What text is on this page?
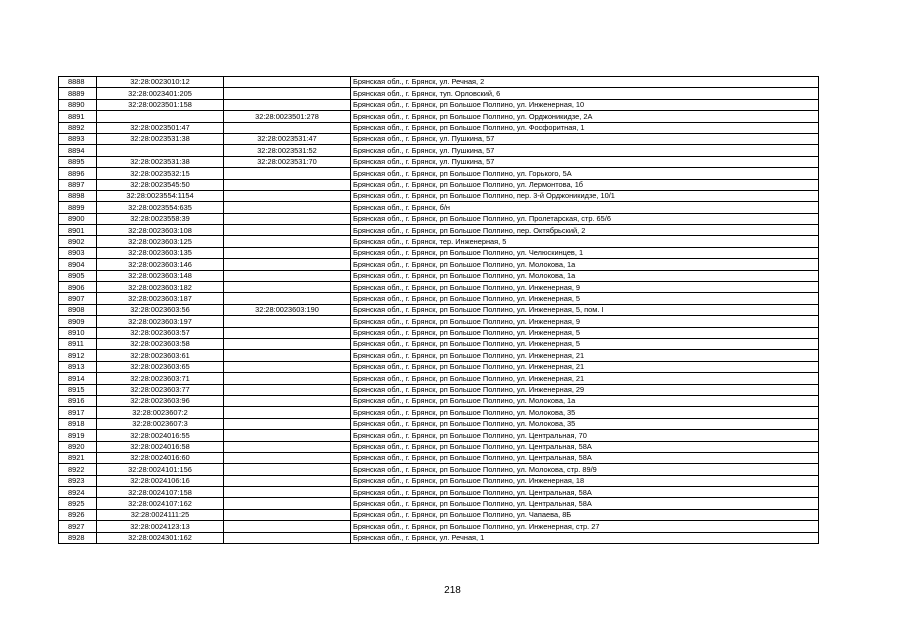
8888	32:28:0023010:12		Брянская обл., г. Брянск, ул. Речная, 2
8889	32:28:0023401:205		Брянская обл., г. Брянск, туп. Орловский, 6
8890	32:28:0023501:158		Брянская обл., г. Брянск, рп Большое Полпино, ул. Инженерная, 10
8891		32:28:0023501:278	Брянская обл., г. Брянск, рп Большое Полпино, ул. Орджоникидзе, 2А
8892	32:28:0023501:47		Брянская обл., г. Брянск, рп Большое Полпино, ул. Фосфоритная, 1
8893	32:28:0023531:38	32:28:0023531:47	Брянская обл., г. Брянск, ул. Пушкина, 57
8894		32:28:0023531:52	Брянская обл., г. Брянск, ул. Пушкина, 57
8895	32:28:0023531:38	32:28:0023531:70	Брянская обл., г. Брянск, ул. Пушкина, 57
8896	32:28:0023532:15		Брянская обл., г. Брянск, рп Большое Полпино, ул. Горького, 5А
8897	32:28:0023545:50		Брянская обл., г. Брянск, рп Большое Полпино, ул. Лермонтова, 1б
8898	32:28:0023554:1154		Брянская обл., г. Брянск, рп Большое Полпино, пер. 3-й Орджоникидзе, 10/1
8899	32:28:0023554:635		Брянская обл., г. Брянск, б/н
8900	32:28:0023558:39		Брянская обл., г. Брянск, рп Большое Полпино, ул. Пролетарская, стр. 65/6
8901	32:28:0023603:108		Брянская обл., г. Брянск, рп Большое Полпино, пер. Октябрьский, 2
8902	32:28:0023603:125		Брянская обл., г. Брянск, тер. Инженерная, 5
8903	32:28:0023603:135		Брянская обл., г. Брянск, рп Большое Полпино, ул. Челюскинцев, 1
8904	32:28:0023603:146		Брянская обл., г. Брянск, рп Большое Полпино, ул. Молокова, 1а
8905	32:28:0023603:148		Брянская обл., г. Брянск, рп Большое Полпино, ул. Молокова, 1а
8906	32:28:0023603:182		Брянская обл., г. Брянск, рп Большое Полпино, ул. Инженерная, 9
8907	32:28:0023603:187		Брянская обл., г. Брянск, рп Большое Полпино, ул. Инженерная, 5
8908	32:28:0023603:56	32:28:0023603:190	Брянская обл., г. Брянск, рп Большое Полпино, ул. Инженерная, 5, пом. I
8909	32:28:0023603:197		Брянская обл., г. Брянск, рп Большое Полпино, ул. Инженерная, 9
8910	32:28:0023603:57		Брянская обл., г. Брянск, рп Большое Полпино, ул. Инженерная, 5
8911	32:28:0023603:58		Брянская обл., г. Брянск, рп Большое Полпино, ул. Инженерная, 5
8912	32:28:0023603:61		Брянская обл., г. Брянск, рп Большое Полпино, ул. Инженерная, 21
8913	32:28:0023603:65		Брянская обл., г. Брянск, рп Большое Полпино, ул. Инженерная, 21
8914	32:28:0023603:71		Брянская обл., г. Брянск, рп Большое Полпино, ул. Инженерная, 21
8915	32:28:0023603:77		Брянская обл., г. Брянск, рп Большое Полпино, ул. Инженерная, 29
8916	32:28:0023603:96		Брянская обл., г. Брянск, рп Большое Полпино, ул. Молокова, 1а
8917	32:28:0023607:2		Брянская обл., г. Брянск, рп Большое Полпино, ул. Молокова, 35
8918	32:28:0023607:3		Брянская обл., г. Брянск, рп Большое Полпино, ул. Молокова, 35
8919	32:28:0024016:55		Брянская обл., г. Брянск, рп Большое Полпино, ул. Центральная, 70
8920	32:28:0024016:58		Брянская обл., г. Брянск, рп Большое Полпино, ул. Центральная, 58А
8921	32:28:0024016:60		Брянская обл., г. Брянск, рп Большое Полпино, ул. Центральная, 58А
8922	32:28:0024101:156		Брянская обл., г. Брянск, рп Большое Полпино, ул. Молокова, стр. 89/9
8923	32:28:0024106:16		Брянская обл., г. Брянск, рп Большое Полпино, ул. Инженерная, 18
8924	32:28:0024107:158		Брянская обл., г. Брянск, рп Большое Полпино, ул. Центральная, 58А
8925	32:28:0024107:162		Брянская обл., г. Брянск, рп Большое Полпино, ул. Центральная, 58А
8926	32:28:0024111:25		Брянская обл., г. Брянск, рп Большое Полпино, ул. Чапаева, 8Б
8927	32:28:0024123:13		Брянская обл., г. Брянск, рп Большое Полпино, ул. Инженерная, стр. 27
8928	32:28:0024301:162		Брянская обл., г. Брянск, ул. Речная, 1
218
